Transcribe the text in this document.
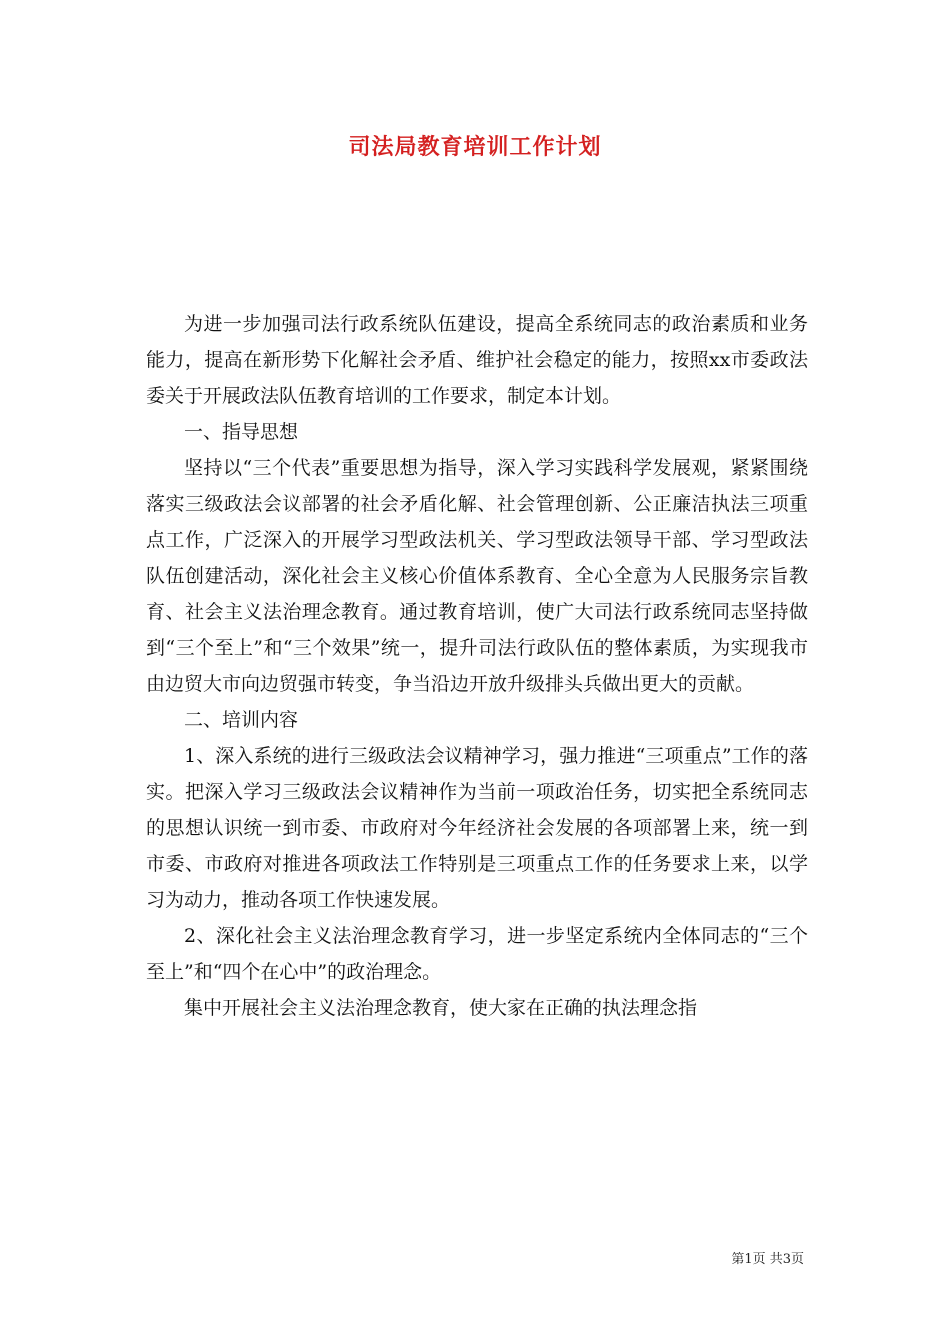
司法局教育培训工作计划

为进一步加强司法行政系统队伍建设，提高全系统同志的政治素质和业务能力，提高在新形势下化解社会矛盾、维护社会稳定的能力，按照xx市委政法委关于开展政法队伍教育培训的工作要求，制定本计划。

一、指导思想

坚持以“三个代表”重要思想为指导，深入学习实践科学发展观，紧紧围绕落实三级政法会议部署的社会矛盾化解、社会管理创新、公正廉洁执法三项重点工作，广泛深入的开展学习型政法机关、学习型政法领导干部、学习型政法队伍创建活动，深化社会主义核心价值体系教育、全心全意为人民服务宗旨教育、社会主义法治理念教育。通过教育培训，使广大司法行政系统同志坚持做到“三个至上”和“三个效果”统一，提升司法行政队伍的整体素质，为实现我市由边贸大市向边贸强市转变，争当沿边开放升级排头兵做出更大的贡献。

二、培训内容

1、深入系统的进行三级政法会议精神学习，强力推进“三项重点”工作的落实。把深入学习三级政法会议精神作为当前一项政治任务，切实把全系统同志的思想认识统一到市委、市政府对今年经济社会发展的各项部署上来，统一到市委、市政府对推进各项政法工作特别是三项重点工作的任务要求上来，以学习为动力，推动各项工作快速发展。

2、深化社会主义法治理念教育学习，进一步坚定系统内全体同志的“三个至上”和“四个在心中”的政治理念。

集中开展社会主义法治理念教育，使大家在正确的执法理念指

第1页 共3页
